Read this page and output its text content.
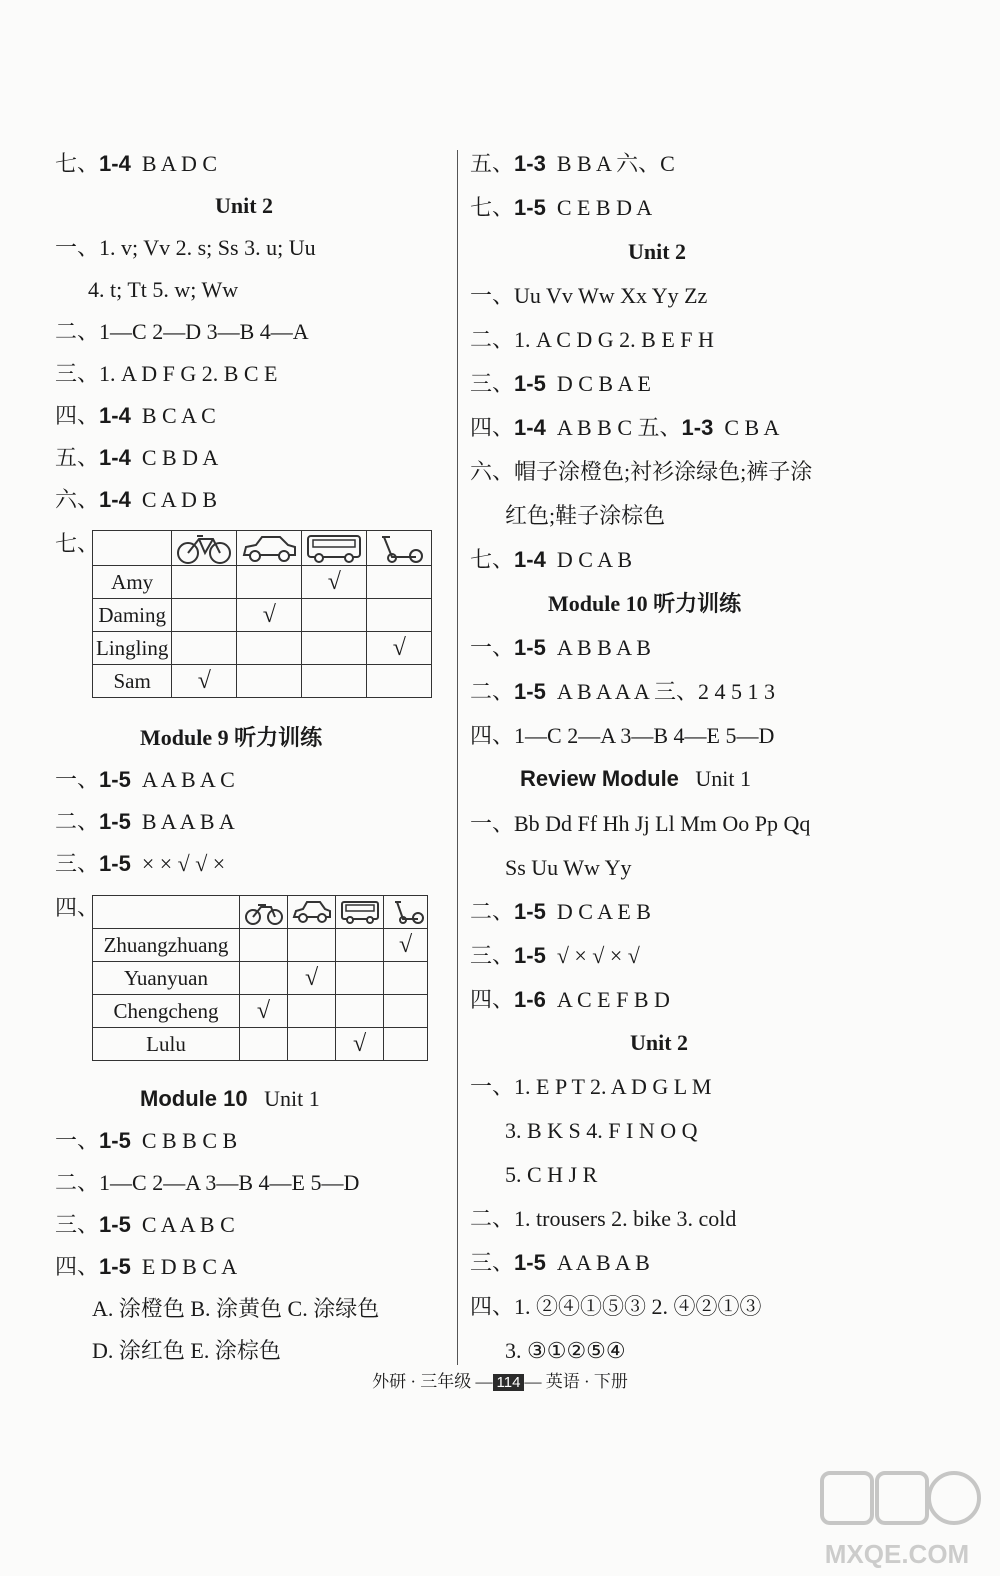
七、1-4 B A D C
Unit 2
一、1. v; Vv 2. s; Ss 3. u; Uu
4. t; Tt 5. w; Ww
二、1—C 2—D 3—B 4—A
三、1. A D F G 2. B C E
四、1-4 B C A C
五、1-4 C B D A
六、1-4 C A D B
七、

Amy			√	
Daming		√		
Lingling				√
Sam	√			
Module 9 听力训练
一、1-5 A A B A C
二、1-5 B A A B A
三、1-5 × × √ √ ×
四、

Zhuangzhuang				√
Yuanyuan		√		
Chengcheng	√			
Lulu			√	
Module 10 Unit 1
一、1-5 C B B C B
二、1—C 2—A 3—B 4—E 5—D
三、1-5 C A A B C
四、1-5 E D B C A
A. 涂橙色 B. 涂黄色 C. 涂绿色
D. 涂红色 E. 涂棕色
五、1-3 B B A 六、C
七、1-5 C E B D A
Unit 2
一、Uu Vv Ww Xx Yy Zz
二、1. A C D G 2. B E F H
三、1-5 D C B A E
四、1-4 A B B C 五、1-3 C B A
六、帽子涂橙色;衬衫涂绿色;裤子涂
红色;鞋子涂棕色
七、1-4 D C A B
Module 10 听力训练
一、1-5 A B B A B
二、1-5 A B A A A 三、2 4 5 1 3
四、1—C 2—A 3—B 4—E 5—D
Review Module Unit 1
一、Bb Dd Ff Hh Jj Ll Mm Oo Pp Qq
Ss Uu Ww Yy
二、1-5 D C A E B
三、1-5 √ × √ × √
四、1-6 A C E F B D
Unit 2
一、1. E P T 2. A D G L M
3. B K S 4. F I N O Q
5. C H J R
二、1. trousers 2. bike 3. cold
三、1-5 A A B A B
四、1. ②④①⑤③ 2. ④②①③
3. ③①②⑤④
外研 · 三年级 — 114 — 英语 · 下册
MXQE.COM
